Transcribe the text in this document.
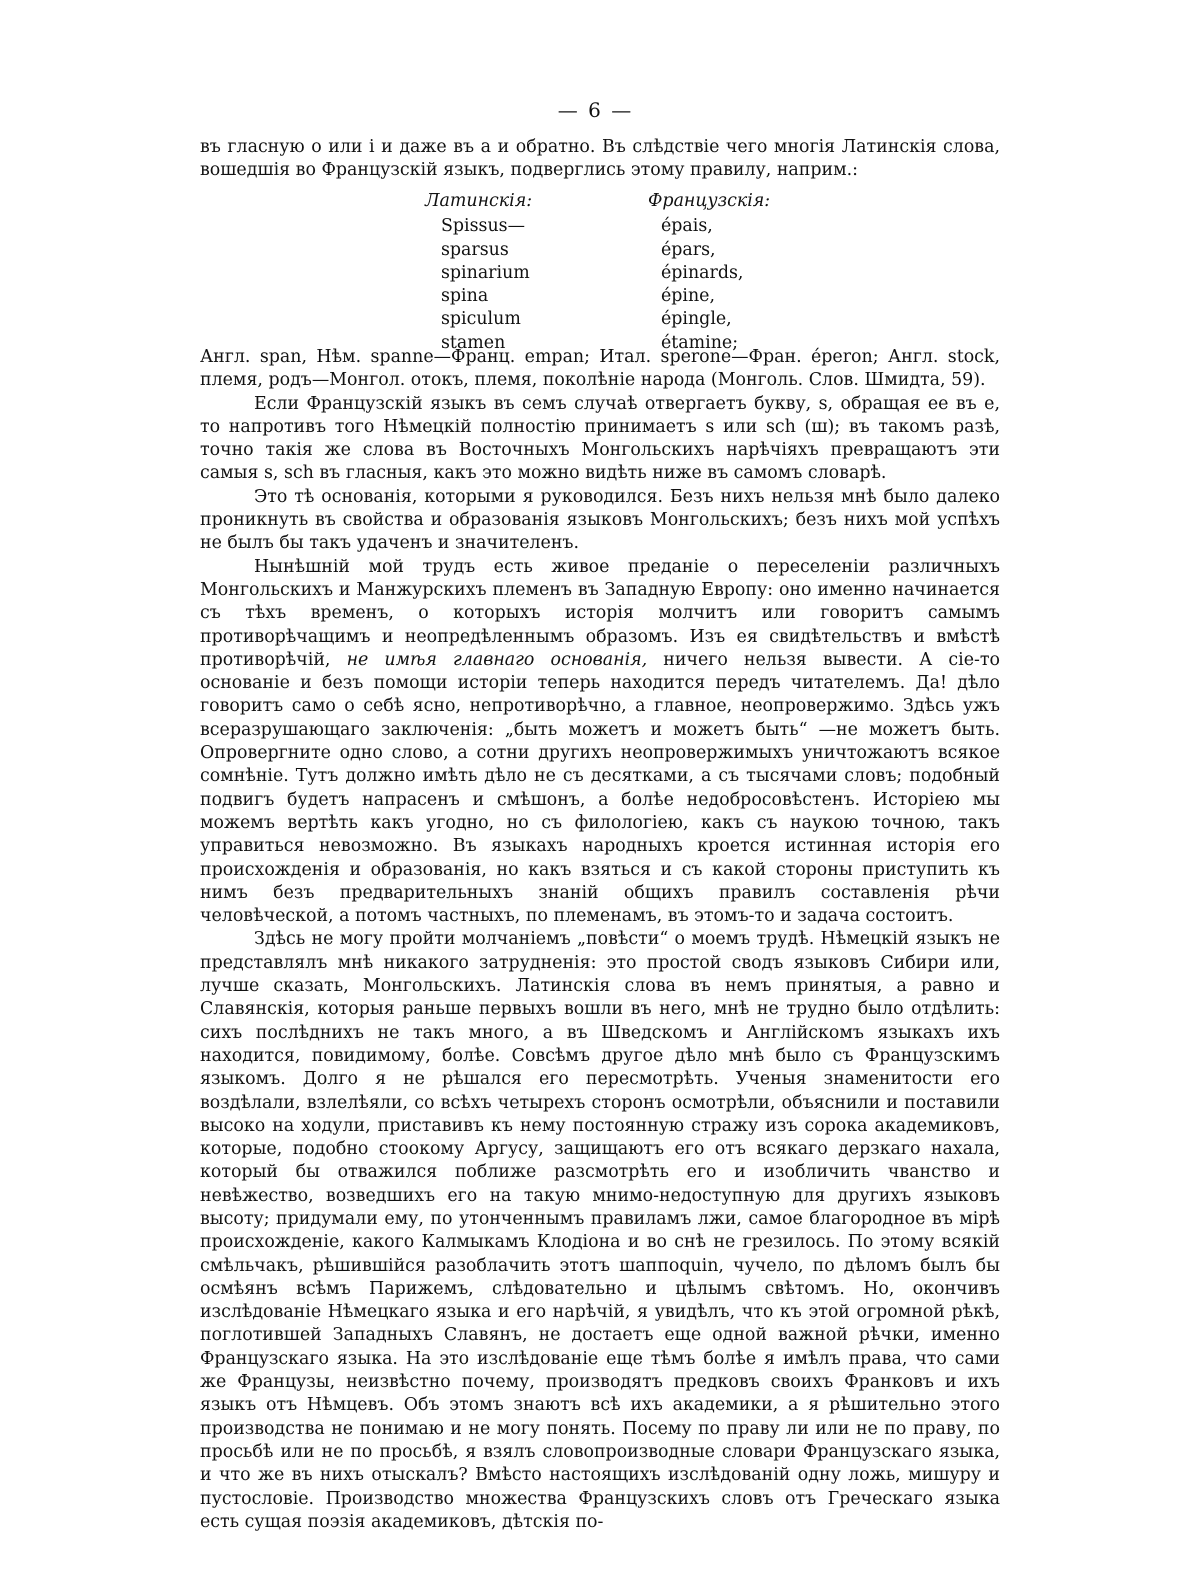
— 6 —

въ гласную о или i и даже въ а и обратно. Въ слѣдствіе чего многія Латинскія слова, вошедшія во Французскій языкъ, подверглись этому правилу, наприм.:

Латинскія:
Spissus—
sparsus
spinarium
spina
spiculum
stamen
Французскія:
épais,
épars,
épinards,
épine,
épingle,
étamine;

Англ. span, Нѣм. spanne—Франц. empan; Итал. sperone—Фран. éperon; Англ. stock, племя, родъ—Монгол. отокъ, племя, поколѣніе народа (Монголь. Слов. Шмидта, 59).

Если Французскій языкъ въ семъ случаѣ отвергаетъ букву, s, обращая ее въ е, то напротивъ того Нѣмецкій полностію принимаетъ s или sch (ш); въ такомъ разѣ, точно такія же слова въ Восточныхъ Монгольскихъ нарѣчіяхъ превращаютъ эти самыя s, sch въ гласныя, какъ это можно видѣть ниже въ самомъ словарѣ.

Это тѣ основанія, которыми я руководился. Безъ нихъ нельзя мнѣ было далеко проникнуть въ свойства и образованія языковъ Монгольскихъ; безъ нихъ мой успѣхъ не былъ бы такъ удаченъ и значителенъ.

Нынѣшній мой трудъ есть живое преданіе о переселеніи различныхъ Монгольскихъ и Манжурскихъ племенъ въ Западную Европу: оно именно начинается съ тѣхъ временъ, о которыхъ исторія молчитъ или говоритъ самымъ противорѣчащимъ и неопредѣленнымъ образомъ. Изъ ея свидѣтельствъ и вмѣстѣ противорѣчій, не имѣя главнаго основанія, ничего нельзя вывести. А сіе-то основаніе и безъ помощи исторіи теперь находится передъ читателемъ. Да! дѣло говоритъ само о себѣ ясно, непротиворѣчно, а главное, неопровержимо. Здѣсь ужъ всеразрушающаго заключенія: „быть можетъ и можетъ быть“ —не можетъ быть. Опровергните одно слово, а сотни другихъ неопровержимыхъ уничтожаютъ всякое сомнѣніе. Тутъ должно имѣть дѣло не съ десятками, а съ тысячами словъ; подобный подвигъ будетъ напрасенъ и смѣшонъ, а болѣе недобросовѣстенъ. Исторіею мы можемъ вертѣть какъ угодно, но съ филологіею, какъ съ наукою точною, такъ управиться невозможно. Въ языкахъ народныхъ кроется истинная исторія его происхожденія и образованія, но какъ взяться и съ какой стороны приступить къ нимъ безъ предварительныхъ знаній общихъ правилъ составленія рѣчи человѣческой, а потомъ частныхъ, по племенамъ, въ этомъ-то и задача состоитъ.

Здѣсь не могу пройти молчаніемъ „повѣсти“ о моемъ трудѣ. Нѣмецкій языкъ не представлялъ мнѣ никакого затрудненія: это простой сводъ языковъ Сибири или, лучше сказать, Монгольскихъ. Латинскія слова въ немъ принятыя, а равно и Славянскія, которыя раньше первыхъ вошли въ него, мнѣ не трудно было отдѣлить: сихъ послѣднихъ не такъ много, а въ Шведскомъ и Англійскомъ языкахъ ихъ находится, повидимому, болѣе. Совсѣмъ другое дѣло мнѣ было съ Французскимъ языкомъ. Долго я не рѣшался его пересмотрѣть. Ученыя знаменитости его воздѣлали, взлелѣяли, со всѣхъ четырехъ сторонъ осмотрѣли, объяснили и поставили высоко на ходули, приставивъ къ нему постоянную стражу изъ сорока академиковъ, которые, подобно стоокому Аргусу, защищаютъ его отъ всякаго дерзкаго нахала, который бы отважился поближе разсмотрѣть его и изобличить чванство и невѣжество, возведшихъ его на такую мнимо-недоступную для другихъ языковъ высоту; придумали ему, по утонченнымъ правиламъ лжи, самое благородное въ мірѣ происхожденіе, какого Калмыкамъ Клодіона и во снѣ не грезилось. По этому всякій смѣльчакъ, рѣшившійся разоблачить этотъ шаппоquin, чучело, по дѣломъ былъ бы осмѣянъ всѣмъ Парижемъ, слѣдовательно и цѣлымъ свѣтомъ. Но, окончивъ изслѣдованіе Нѣмецкаго языка и его нарѣчій, я увидѣлъ, что къ этой огромной рѣкѣ, поглотившей Западныхъ Славянъ, не достаетъ еще одной важной рѣчки, именно Французскаго языка. На это изслѣдованіе еще тѣмъ болѣе я имѣлъ права, что сами же Французы, неизвѣстно почему, производятъ предковъ своихъ Франковъ и ихъ языкъ отъ Нѣмцевъ. Объ этомъ знаютъ всѣ ихъ академики, а я рѣшительно этого производства не понимаю и не могу понять. Посему по праву ли или не по праву, по просьбѣ или не по просьбѣ, я взялъ словопроизводные словари Французскаго языка, и что же въ нихъ отыскалъ? Вмѣсто настоящихъ изслѣдованій одну ложь, мишуру и пустословіе. Производство множества Французскихъ словъ отъ Греческаго языка есть сущая поэзія академиковъ, дѣтскія по-
